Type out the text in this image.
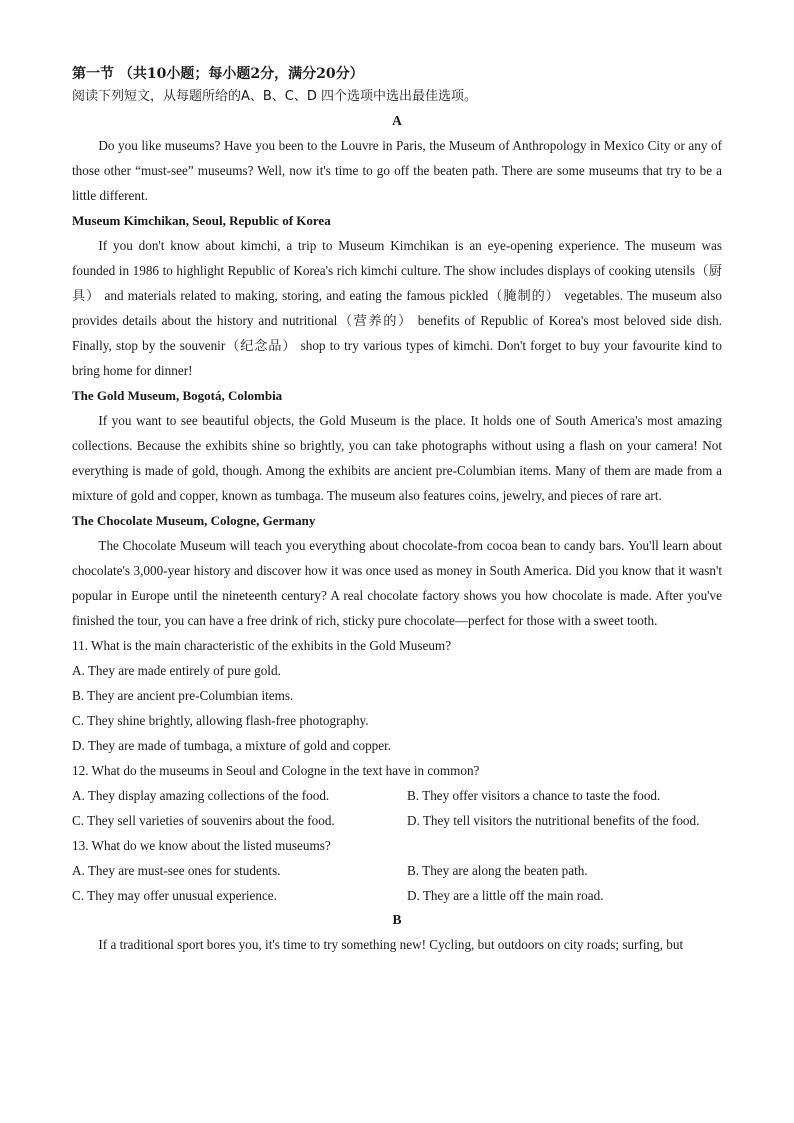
第一节 （共10小题；每小题2分，满分20分）
阅读下列短文，从每题所给的A、B、C、D 四个选项中选出最佳选项。
A

Do you like museums? Have you been to the Louvre in Paris, the Museum of Anthropology in Mexico City or any of those other “must-see” museums? Well, now it's time to go off the beaten path. There are some museums that try to be a little different.

Museum Kimchikan, Seoul, Republic of Korea

If you don't know about kimchi, a trip to Museum Kimchikan is an eye-opening experience. The museum was founded in 1986 to highlight Republic of Korea's rich kimchi culture. The show includes displays of cooking utensils（厨具） and materials related to making, storing, and eating the famous pickled（腌制的） vegetables. The museum also provides details about the history and nutritional（营养的） benefits of Republic of Korea's most beloved side dish. Finally, stop by the souvenir（纪念品） shop to try various types of kimchi. Don't forget to buy your favourite kind to bring home for dinner!

The Gold Museum, Bogotá, Colombia

If you want to see beautiful objects, the Gold Museum is the place. It holds one of South America's most amazing collections. Because the exhibits shine so brightly, you can take photographs without using a flash on your camera! Not everything is made of gold, though. Among the exhibits are ancient pre-Columbian items. Many of them are made from a mixture of gold and copper, known as tumbaga. The museum also features coins, jewelry, and pieces of rare art.

The Chocolate Museum, Cologne, Germany

The Chocolate Museum will teach you everything about chocolate-from cocoa bean to candy bars. You'll learn about chocolate's 3,000-year history and discover how it was once used as money in South America. Did you know that it wasn't popular in Europe until the nineteenth century? A real chocolate factory shows you how chocolate is made. After you've finished the tour, you can have a free drink of rich, sticky pure chocolate—perfect for those with a sweet tooth.

11. What is the main characteristic of the exhibits in the Gold Museum?
A. They are made entirely of pure gold.
B. They are ancient pre-Columbian items.
C. They shine brightly, allowing flash-free photography.
D. They are made of tumbaga, a mixture of gold and copper.
12. What do the museums in Seoul and Cologne in the text have in common?
A. They display amazing collections of the food.	B. They offer visitors a chance to taste the food.
C. They sell varieties of souvenirs about the food.	D. They tell visitors the nutritional benefits of the food.
13. What do we know about the listed museums?
A. They are must-see ones for students.	B. They are along the beaten path.
C. They may offer unusual experience.	D. They are a little off the main road.
B

If a traditional sport bores you, it's time to try something new! Cycling, but outdoors on city roads; surfing, but
